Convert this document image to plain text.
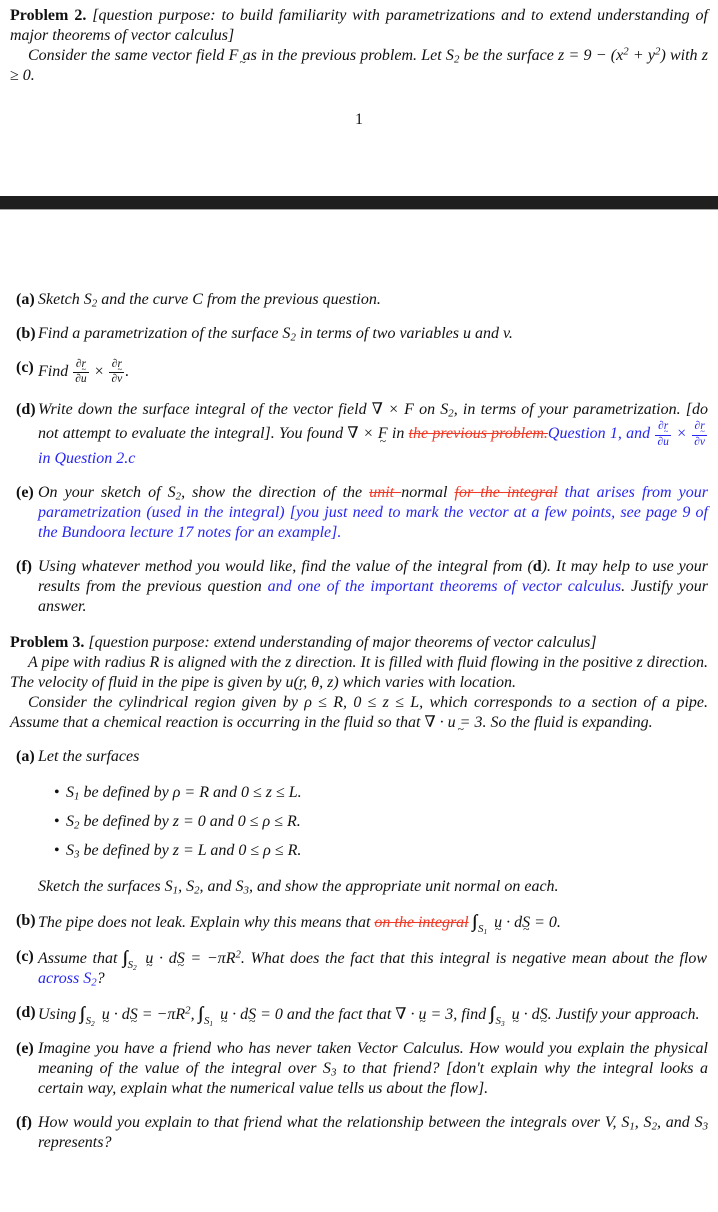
Problem 2. [question purpose: to build familiarity with parametrizations and to extend understanding of major theorems of vector calculus]
Consider the same vector field F ~ as in the previous problem. Let $S_2$ be the surface $z = 9 - (x^2 + y^2)$ with z ≥ 0.
1
(a) Sketch $S_2$ and the curve C from the previous question.
(b) Find a parametrization of the surface $S_2$ in terms of two variables u and v.
(c) Find $\frac{\partial r \sim}{\partial u} \times \frac{\partial r \sim}{\partial v}$ .
(d) Write down the surface integral of the vector field ∇ × F on $S_2$, in terms of your parametrization. [do not attempt to evaluate the integral]. You found ∇ × F ~ in the previous problem.Question 1, and $\frac{\partial r \sim}{\partial u} \times \frac{\partial r \sim}{\partial v}$
in Question 2.c
(e) On your sketch of $S_2$, show the direction of the unit normal for the integral that arises from your parametrization (used in the integral) [you just need to mark the vector at a few points, see page 9 of the Bundoora lecture 17 notes for an example].
(f) Using whatever method you would like, find the value of the integral from (d). It may help to use your results from the previous question and one of the important theorems of vector calculus. Justify your answer.
Problem 3. [question purpose: extend understanding of major theorems of vector calculus]
A pipe with radius R is aligned with the z direction. It is filled with fluid flowing in the positive z direction. The velocity of fluid in the pipe is given by u ~(r, θ, z) which varies with location.
Consider the cylindrical region given by ρ ≤ R, 0 ≤ z ≤ L, which corresponds to a section of a pipe. Assume that a chemical reaction is occurring in the fluid so that ∇ · u ~ = 3. So the fluid is expanding.
(a) Let the surfaces
• $S_1$ be defined by ρ = R and 0 ≤ z ≤ L.
• $S_2$ be defined by z = 0 and 0 ≤ ρ ≤ R.
• $S_3$ be defined by z = L and 0 ≤ ρ ≤ R.
Sketch the surfaces $S_1$, $S_2$, and $S_3$, and show the appropriate unit normal on each.
(b) The pipe does not leak. Explain why this means that on the integral $_{S_1}$ u ~ · dS ~ = 0.
(c) Assume that $_{S_2}$ u ~ · dS ~ = $-\pi R^2$. What does the fact that this integral is negative mean about the flow across $S_2$?
(d) Using $_{S_2}$ u ~ · dS ~ = $-\pi R^2$, $_{S_1}$ u ~ · dS ~ = 0 and the fact that ∇ · u ~ = 3, find $_{S_3}$ u ~ · dS ~. Justify your approach.
(e) Imagine you have a friend who has never taken Vector Calculus. How would you explain the physical meaning of the value of the integral over $S_3$ to that friend? [don't explain why the integral looks a certain way, explain what the numerical value tells us about the flow].
(f) How would you explain to that friend what the relationship between the integrals over V, $S_1$, $S_2$, and $S_3$ represents?
